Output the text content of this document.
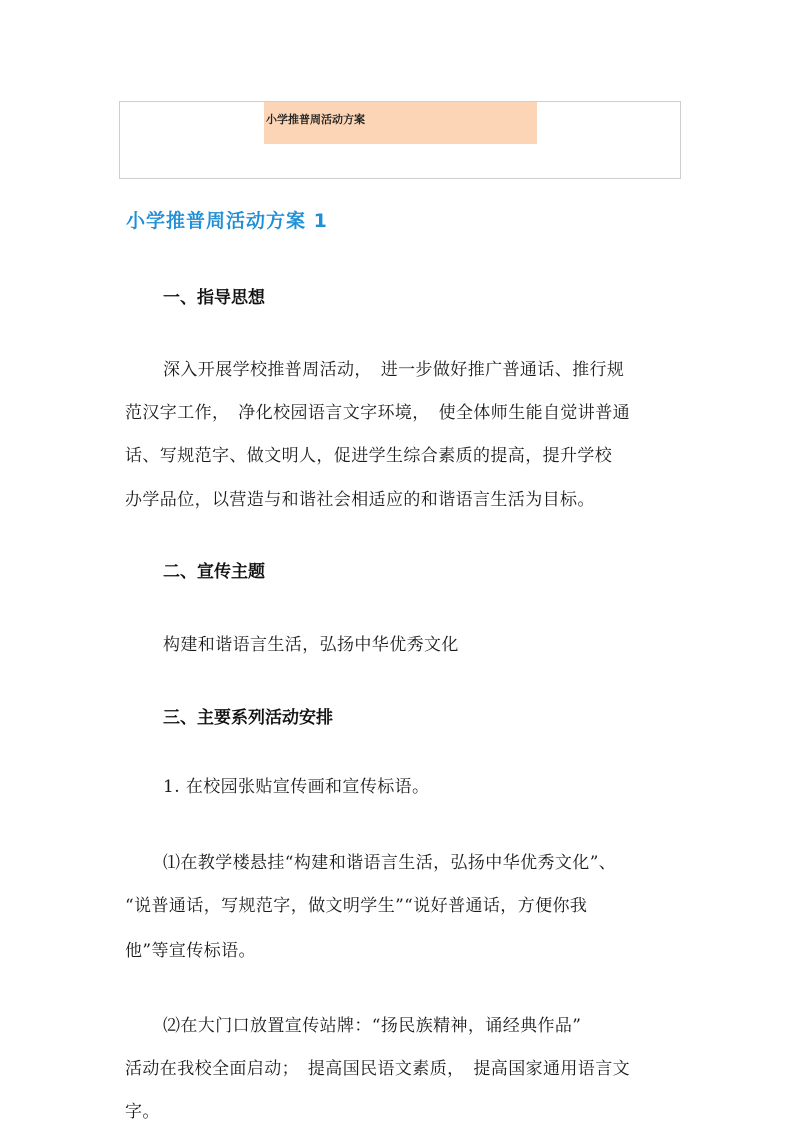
小学推普周活动方案
小学推普周活动方案 1
一、指导思想
深入开展学校推普周活动，　进一步做好推广普通话、推行规
范汉字工作，　净化校园语言文字环境，　使全体师生能自觉讲普通
话、写规范字、做文明人，促进学生综合素质的提高，提升学校
办学品位，以营造与和谐社会相适应的和谐语言生活为目标。
二、宣传主题
构建和谐语言生活，弘扬中华优秀文化
三、主要系列活动安排
1. 在校园张贴宣传画和宣传标语。
⑴在教学楼悬挂“构建和谐语言生活，弘扬中华优秀文化”、
“说普通话，写规范字，做文明学生”“说好普通话，方便你我
他”等宣传标语。
⑵在大门口放置宣传站牌：“扬民族精神，诵经典作品”
活动在我校全面启动；　提高国民语文素质，　提高国家通用语言文
字。
